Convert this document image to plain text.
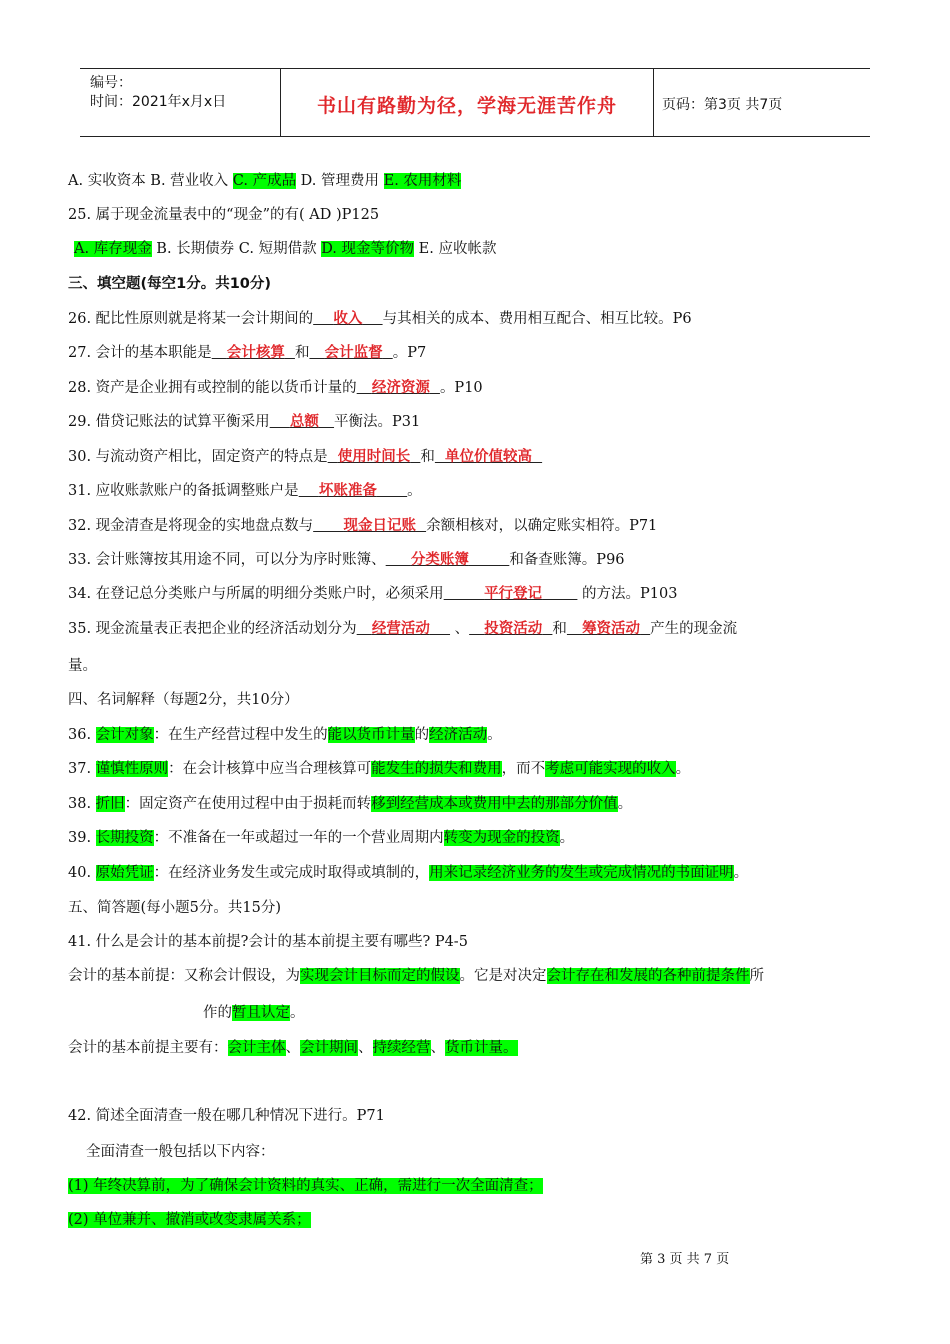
编号：
时间：2021年x月x日	书山有路勤为径，学海无涯苦作舟	页码：第3页 共7页
A. 实收资本 B. 营业收入 C. 产成品 D. 管理费用 E. 农用材料
25. 属于现金流量表中的“现金”的有( AD )P125
A. 库存现金 B. 长期债券 C. 短期借款 D. 现金等价物 E. 应收帐款
三、填空题(每空1分。共10分)
26. 配比性原则就是将某一会计期间的 收入 与其相关的成本、费用相互配合、相互比较。P6
27. 会计的基本职能是 会计核算 和 会计监督 。P7
28. 资产是企业拥有或控制的能以货币计量的 经济资源 。P10
29. 借贷记账法的试算平衡采用 总额 平衡法。P31
30. 与流动资产相比，固定资产的特点是 使用时间长 和 单位价值较高
31. 应收账款账户的备抵调整账户是 坏账准备 。
32. 现金清查是将现金的实地盘点数与 现金日记账 余额相核对，以确定账实相符。P71
33. 会计账簿按其用途不同，可以分为序时账簿、 分类账簿	和备查账簿。P96
34. 在登记总分类账户与所属的明细分类账户时，必须采用	平行登记        的方法。P103
35. 现金流量表正表把企业的经济活动划分为 经营活动     、 投资活动 和 筹资活动 产生的现金流
量。
四、名词解释（每题2分，共10分）
36. 会计对象：在生产经营过程中发生的能以货币计量的经济活动。
37. 谨慎性原则：在会计核算中应当合理核算可能发生的损失和费用，而不考虑可能实现的收入。
38. 折旧：固定资产在使用过程中由于损耗而转移到经营成本或费用中去的那部分价值。
39. 长期投资：不准备在一年或超过一年的一个营业周期内转变为现金的投资。
40. 原始凭证：在经济业务发生或完成时取得或填制的，用来记录经济业务的发生或完成情况的书面证明。
五、简答题(每小题5分。共15分)
41. 什么是会计的基本前提?会计的基本前提主要有哪些? P4-5
会计的基本前提：又称会计假设，为实现会计目标而定的假设。它是对决定会计存在和发展的各种前提条件所
作的暂且认定。
会计的基本前提主要有：会计主体、会计期间、持续经营、货币计量。
42. 简述全面清查一般在哪几种情况下进行。P71
全面清查一般包括以下内容：
(1) 年终决算前，为了确保会计资料的真实、正确，需进行一次全面清查；
(2) 单位兼并、撤消或改变隶属关系；
第 3 页 共 7 页
